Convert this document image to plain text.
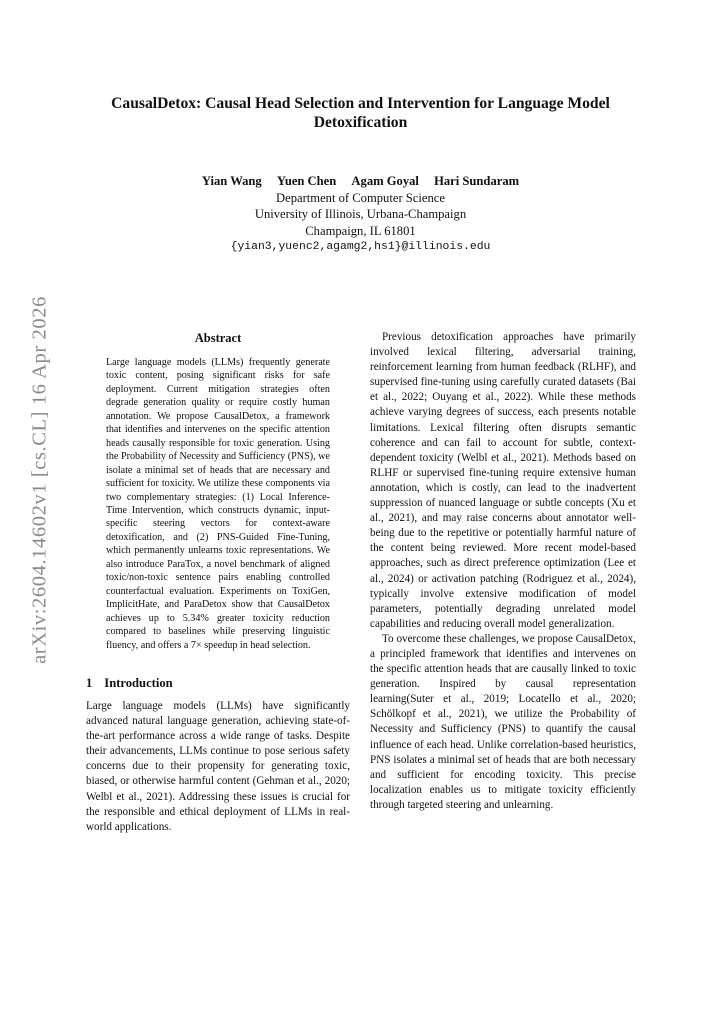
arXiv:2604.14602v1 [cs.CL] 16 Apr 2026
CausalDetox: Causal Head Selection and Intervention for Language Model Detoxification
Yian Wang Yuen Chen Agam Goyal Hari Sundaram
Department of Computer Science
University of Illinois, Urbana-Champaign
Champaign, IL 61801
{yian3,yuenc2,agamg2,hs1}@illinois.edu
Abstract

Large language models (LLMs) frequently generate toxic content, posing significant risks for safe deployment. Current mitigation strategies often degrade generation quality or require costly human annotation. We propose CausalDetox, a framework that identifies and intervenes on the specific attention heads causally responsible for toxic generation. Using the Probability of Necessity and Sufficiency (PNS), we isolate a minimal set of heads that are necessary and sufficient for toxicity. We utilize these components via two complementary strategies: (1) Local Inference-Time Intervention, which constructs dynamic, input-specific steering vectors for context-aware detoxification, and (2) PNS-Guided Fine-Tuning, which permanently unlearns toxic representations. We also introduce ParaTox, a novel benchmark of aligned toxic/non-toxic sentence pairs enabling controlled counterfactual evaluation. Experiments on ToxiGen, ImplicitHate, and ParaDetox show that CausalDetox achieves up to 5.34% greater toxicity reduction compared to baselines while preserving linguistic fluency, and offers a 7× speedup in head selection.

1 Introduction

Large language models (LLMs) have significantly advanced natural language generation, achieving state-of-the-art performance across a wide range of tasks. Despite their advancements, LLMs continue to pose serious safety concerns due to their propensity for generating toxic, biased, or otherwise harmful content (Gehman et al., 2020; Welbl et al., 2021). Addressing these issues is crucial for the responsible and ethical deployment of LLMs in real-world applications.

Previous detoxification approaches have primarily involved lexical filtering, adversarial training, reinforcement learning from human feedback (RLHF), and supervised fine-tuning using carefully curated datasets (Bai et al., 2022; Ouyang et al., 2022). While these methods achieve varying degrees of success, each presents notable limitations. Lexical filtering often disrupts semantic coherence and can fail to account for subtle, context-dependent toxicity (Welbl et al., 2021). Methods based on RLHF or supervised fine-tuning require extensive human annotation, which is costly, can lead to the inadvertent suppression of nuanced language or subtle concepts (Xu et al., 2021), and may raise concerns about annotator well-being due to the repetitive or potentially harmful nature of the content being reviewed. More recent model-based approaches, such as direct preference optimization (Lee et al., 2024) or activation patching (Rodriguez et al., 2024), typically involve extensive modification of model parameters, potentially degrading unrelated model capabilities and reducing overall model generalization.

To overcome these challenges, we propose CausalDetox, a principled framework that identifies and intervenes on the specific attention heads that are causally linked to toxic generation. Inspired by causal representation learning(Suter et al., 2019; Locatello et al., 2020; Schölkopf et al., 2021), we utilize the Probability of Necessity and Sufficiency (PNS) to quantify the causal influence of each head. Unlike correlation-based heuristics, PNS isolates a minimal set of heads that are both necessary and sufficient for encoding toxicity. This precise localization enables us to mitigate toxicity efficiently through targeted steering and unlearning.
